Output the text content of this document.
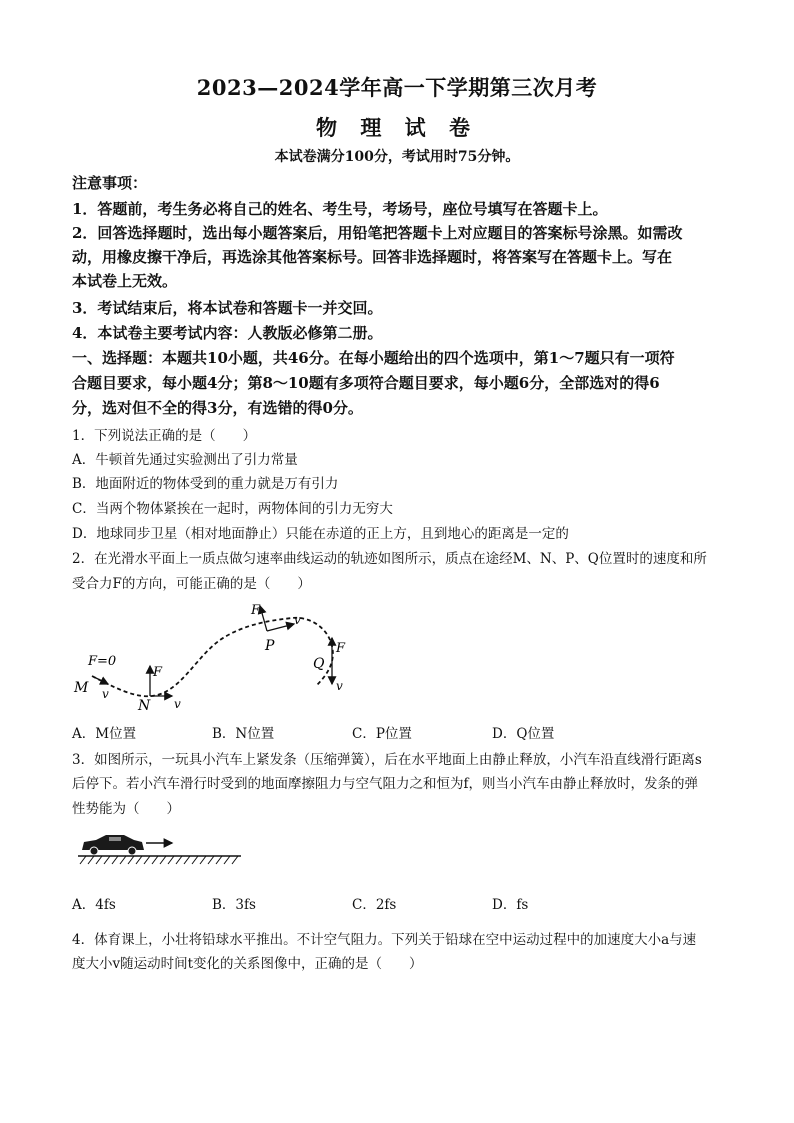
2023—2024学年高一下学期第三次月考
物 理 试 卷
本试卷满分100分，考试用时75分钟。
注意事项：
1．答题前，考生务必将自己的姓名、考生号，考场号，座位号填写在答题卡上。
2．回答选择题时，选出每小题答案后，用铅笔把答题卡上对应题目的答案标号涂黑。如需改
动，用橡皮擦干净后，再选涂其他答案标号。回答非选择题时，将答案写在答题卡上。写在
本试卷上无效。
3．考试结束后，将本试卷和答题卡一并交回。
4．本试卷主要考试内容：人教版必修第二册。
一、选择题：本题共10小题，共46分。在每小题给出的四个选项中，第1～7题只有一项符
合题目要求，每小题4分；第8～10题有多项符合题目要求，每小题6分，全部选对的得6
分，选对但不全的得3分，有选错的得0分。
1．下列说法正确的是（　　）
A．牛顿首先通过实验测出了引力常量
B．地面附近的物体受到的重力就是万有引力
C．当两个物体紧挨在一起时，两物体间的引力无穷大
D．地球同步卫星（相对地面静止）只能在赤道的正上方，且到地心的距离是一定的
2．在光滑水平面上一质点做匀速率曲线运动的轨迹如图所示，质点在途经M、N、P、Q位置时的速度和所
受合力F的方向，可能正确的是（　　）
F=0
M v
F
N v
F
v
P	F
Q
v
A．M位置	B．N位置	C．P位置	D．Q位置
3．如图所示，一玩具小汽车上紧发条（压缩弹簧），后在水平地面上由静止释放，小汽车沿直线滑行距离s
后停下。若小汽车滑行时受到的地面摩擦阻力与空气阻力之和恒为f，则当小汽车由静止释放时，发条的弹
性势能为（　　）
A．4fs	B．3fs	C．2fs	D．fs
4．体育课上，小壮将铅球水平推出。不计空气阻力。下列关于铅球在空中运动过程中的加速度大小a与速
度大小v随运动时间t变化的关系图像中，正确的是（　　）
